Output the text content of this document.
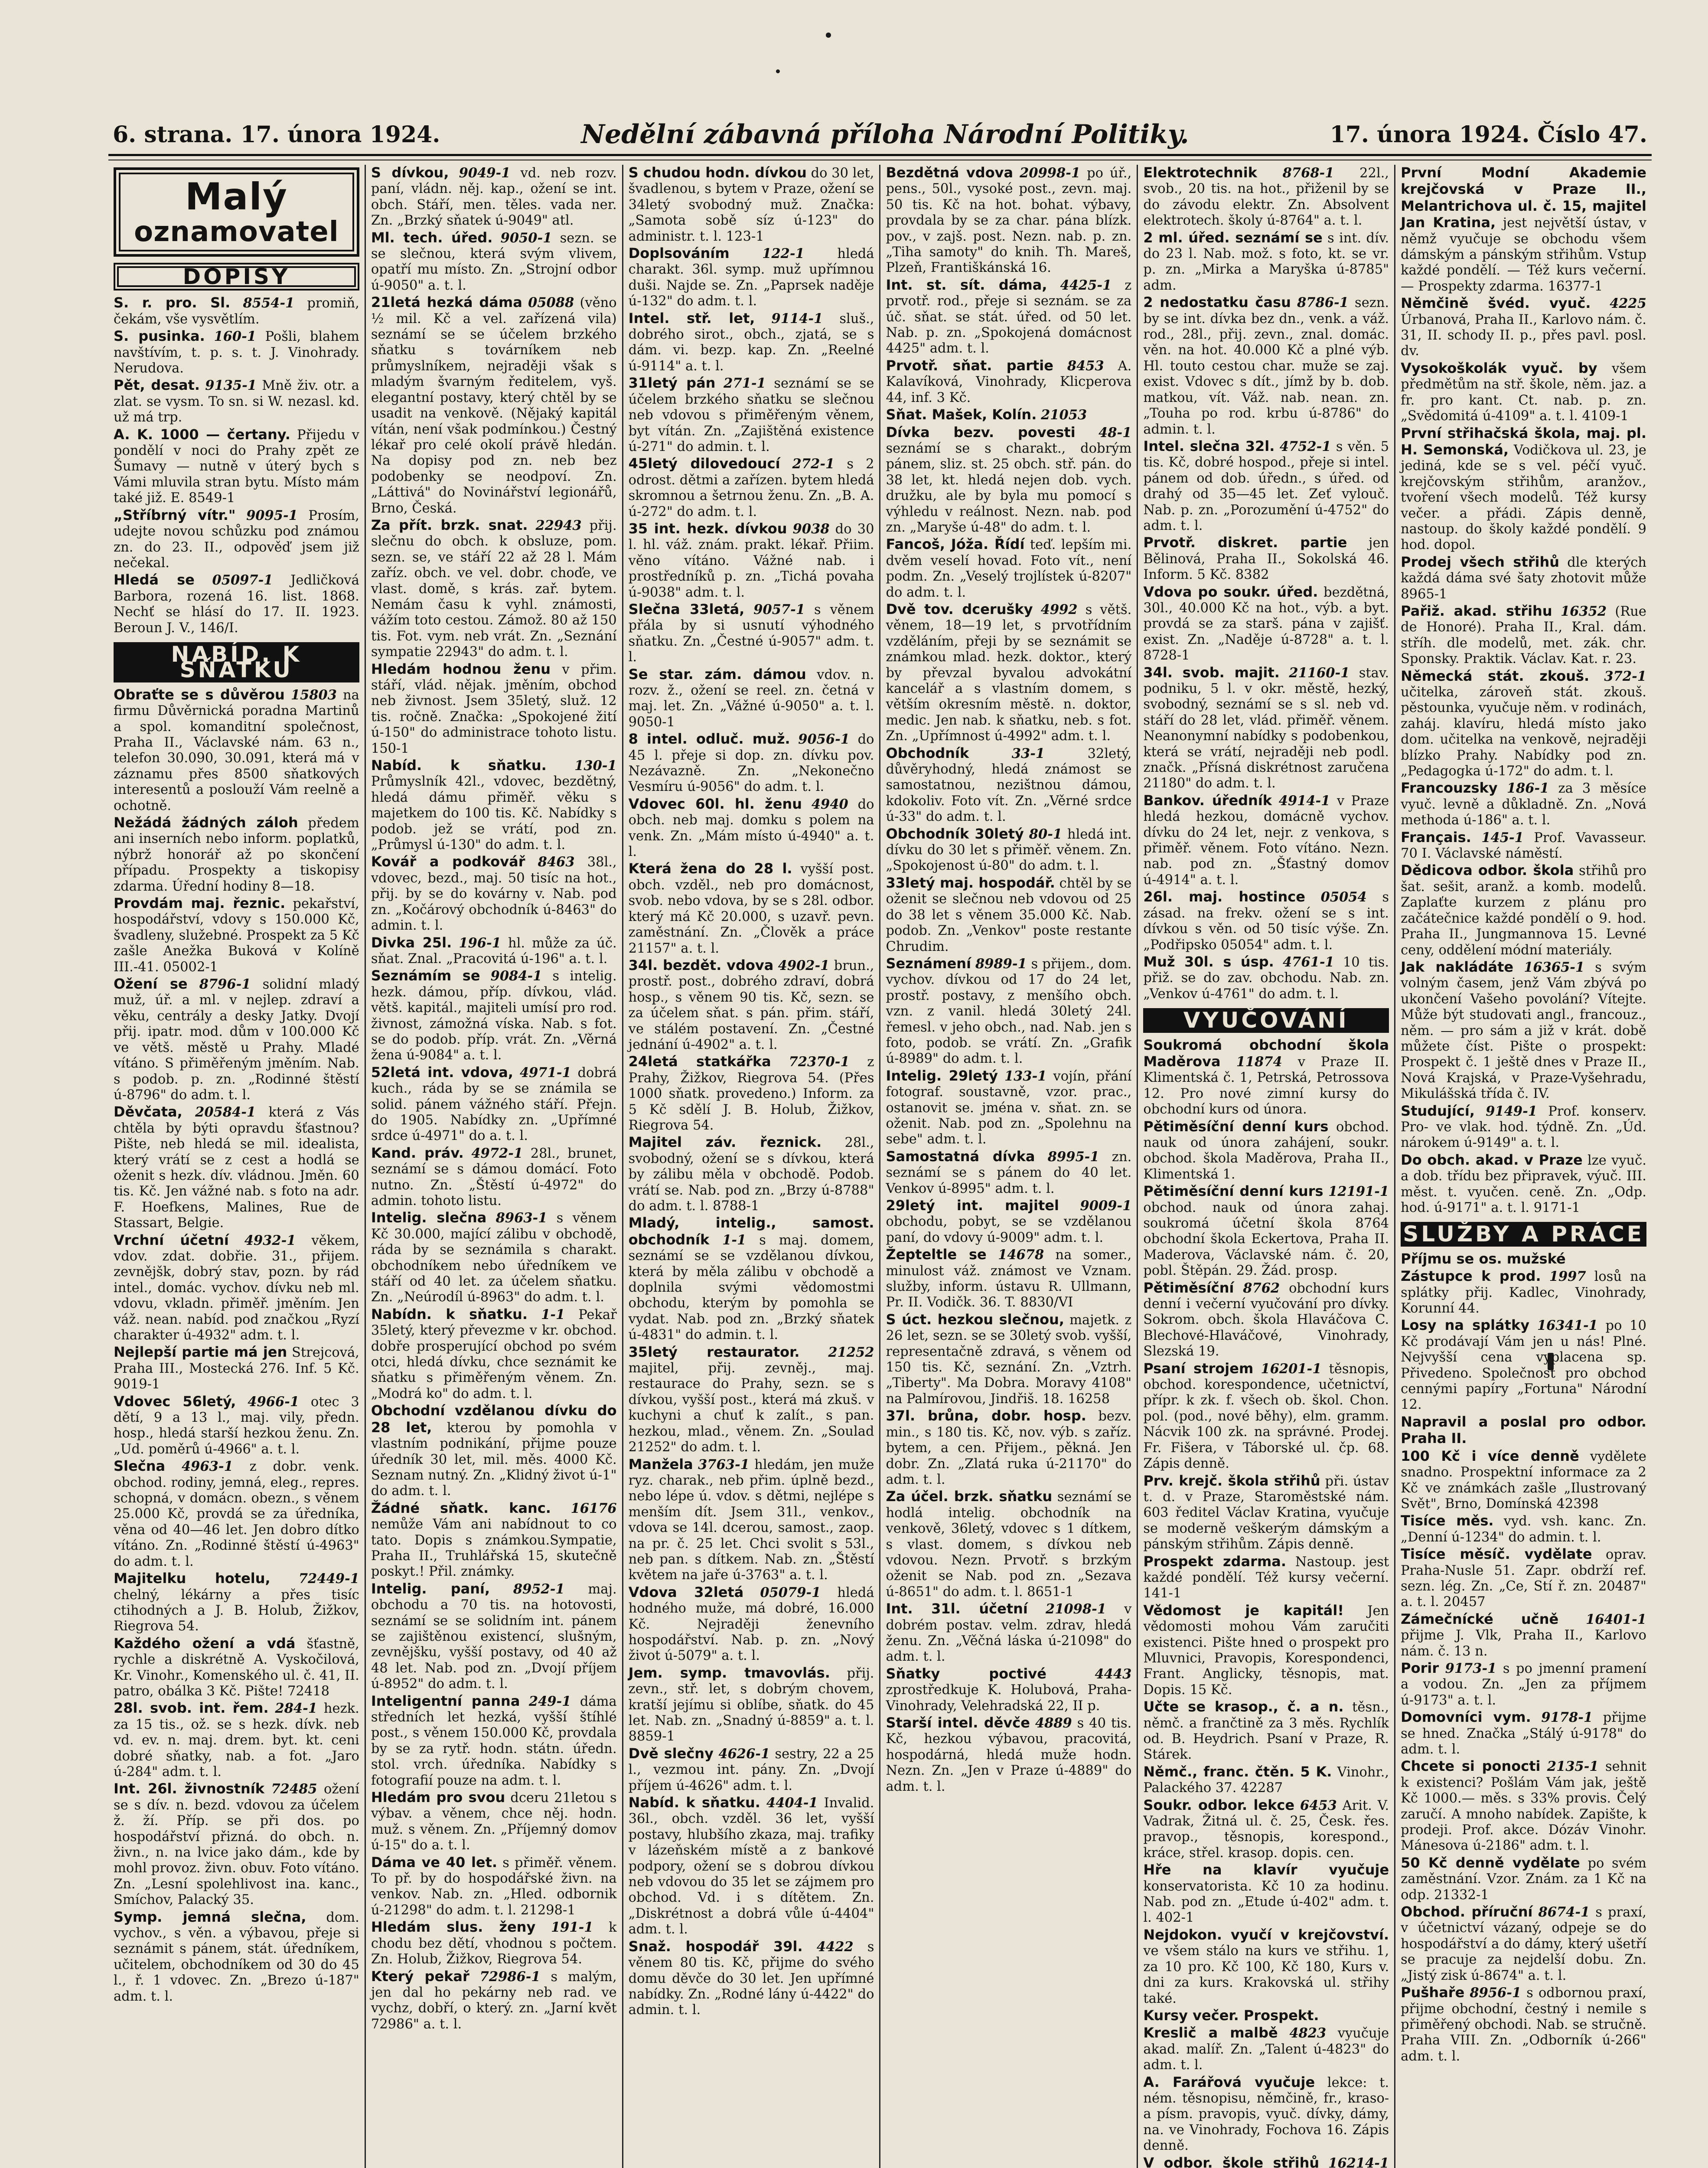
6. strana. 17. února 1924.	Nedělní zábavná příloha Národní Politiky.	17. února 1924. Číslo 47.
Malý
oznamovatel
DOPISY
S. r. pro. Sl. 8554-1 promiň, čekám, vše vysvětlím.
S. pusinka. 160-1 Pošli, blahem navštívím, t. p. s. t. J. Vinohrady. Nerudova.
Pět, desat. 9135-1 Mně živ. otr. a zlat. se vysm. To sn. si W. nezasl. kd. už má trp.
A. K. 1000 — čertany. Přijedu v pondělí v noci do Prahy zpět ze Šumavy — nutně v úterý bych s Vámi mluvila stran bytu. Místo mám také již. E. 8549-1
„Stříbrný vítr." 9095-1 Prosím, udejte novou schůzku pod známou zn. do 23. II., odpověď jsem již nečekal.
Hledá se 05097-1 Jedličková Barbora, rozená 16. list. 1868. Nechť se hlásí do 17. II. 1923. Beroun J. V., 146/I.
NABÍD. K SŇATKU
Obraťte se s důvěrou 15803 na firmu Důvěrnická poradna Martinů a spol. komanditní společnost, Praha II., Václavské nám. 63 n., telefon 30.090, 30.091, která má v záznamu přes 8500 sňatkových interesentů a poslouží Vám reelně a ochotně.
Nežádá žádných záloh předem ani inserních nebo inform. poplatků, nýbrž honorář až po skončení případu. Prospekty a tiskopisy zdarma. Úřední hodiny 8—18.
Provdám maj. řeznic. pekařství, hospodářství, vdovy s 150.000 Kč, švadleny, služebné. Prospekt za 5 Kč zašle Anežka Buková v Kolíně III.-41. 05002-1
Ožení se 8796-1 solidní mladý muž, úř. a ml. v nejlep. zdraví a věku, centrály a desky Jatky. Dvojí přij. ipatr. mod. dům v 100.000 Kč ve větš. městě u Prahy. Mladé vítáno. S přiměřeným jměním. Nab. s podob. p. zn. „Rodinné štěstí ú-8796" do adm. t. l.
Děvčata, 20584-1 která z Vás chtěla by býti opravdu šťastnou? Pište, neb hledá se mil. idealista, který vrátí se z cest a hodlá se oženit s hezk. dív. vládnou. Jměn. 60 tis. Kč. Jen vážné nab. s foto na adr. F. Hoefkens, Malines, Rue de Stassart, Belgie.
Vrchní účetní 4932-1 věkem, vdov. zdat. dobřie. 31., přijem. zevnějšk, dobrý stav, pozn. by rád intel., domác. vychov. dívku neb ml. vdovu, vkladn. přiměř. jměním. Jen váž. nean. nabíd. pod značkou „Ryzí charakter ú-4932" adm. t. l.
Nejlepší partie má jen Strejcová, Praha III., Mostecká 276. Inf. 5 Kč. 9019-1
Vdovec 56letý, 4966-1 otec 3 dětí, 9 a 13 l., maj. vily, předn. hosp., hledá starší hezkou ženu. Zn. „Ud. poměrů ú-4966" a. t. l.
Slečna 4963-1 z dobr. venk. obchod. rodiny, jemná, eleg., repres. schopná, v domácn. obezn., s věnem 25.000 Kč, provdá se za úředníka, věna od 40—46 let. Jen dobro dítko vítáno. Zn. „Rodinné štěstí ú-4963" do adm. t. l.
Majitelku hotelu, 72449-1 chelný, lékárny a přes tisíc ctihodných a J. B. Holub, Žižkov, Riegrova 54.
Každého ožení a vdá šťastně, rychle a diskrétně A. Vyskočilová, Kr. Vinohr., Komenského ul. č. 41, II. patro, obálka 3 Kč. Pište! 72418
28l. svob. int. řem. 284-1 hezk. za 15 tis., ož. se s hezk. dívk. neb vd. ev. n. maj. drem. byt. kt. ceni dobré sňatky, nab. a fot. „Jaro ú-284" adm. t. l.
Int. 26l. živnostník 72485 ožení se s dív. n. bezd. vdovou za účelem ž. ží. Příp. se při dos. po hospodářství přizná. do obch. n. živn., n. na lvice jako dám., kde by mohl provoz. živn. obuv. Foto vítáno. Zn. „Lesní spolehlivost ina. kanc., Smíchov, Palacký 35.
Symp. jemná slečna, dom. vychov., s věn. a výbavou, přeje si seznámit s pánem, stát. úředníkem, učitelem, obchodníkem od 30 do 45 l., ř. 1 vdovec. Zn. „Brezo ú-187" adm. t. l.
S dívkou, 9049-1 vd. neb rozv. paní, vládn. něj. kap., ožení se int. obch. Stáří, men. těles. vada ner. Zn. „Brzký sňatek ú-9049" atl.
Ml. tech. úřed. 9050-1 sezn. se se slečnou, která svým vlivem, opatří mu místo. Zn. „Strojní odbor ú-9050" a. t. l.
21letá hezká dáma 05088 (věno ½ mil. Kč a vel. zařízená vila) seznámí se se účelem brzkého sňatku s továrníkem neb průmyslníkem, nejraději však s mladým švarným ředitelem, vyš. elegantní postavy, který chtěl by se usadit na venkově. (Nějaký kapitál vítán, není však podmínkou.) Čestný lékař pro celé okolí právě hledán. Na dopisy pod zn. neb bez podobenky se neodpoví. Zn. „Láttivá" do Novinářství legionářů, Brno, Česká.
Za přít. brzk. snat. 22943 přij. slečnu do obch. k obsluze, pom. sezn. se, ve stáří 22 až 28 l. Mám zaříz. obch. ve vel. dobr. choďe, ve vlast. domě, s krás. zař. bytem. Nemám času k vyhl. známosti, vážím toto cestou. Zámož. 80 až 150 tis. Fot. vym. neb vrát. Zn. „Seznání sympatie 22943" do adm. t. l.
Hledám hodnou ženu v přim. stáří, vlád. nějak. jměním, obchod neb živnost. Jsem 35letý, služ. 12 tis. ročně. Značka: „Spokojené žití ú-150" do administrace tohoto listu. 150-1
Nabíd. k sňatku. 130-1 Průmyslník 42l., vdovec, bezdětný, hledá dámu přiměř. věku s majetkem do 100 tis. Kč. Nabídky s podob. jež se vrátí, pod zn. „Průmysl ú-130" do adm. t. l.
Kovář a podkovář 8463 38l., vdovec, bezd., maj. 50 tisíc na hot., přij. by se do kovárny v. Nab. pod zn. „Kočárový obchodník ú-8463" do admin. t. l.
Divka 25l. 196-1 hl. může za úč. sňat. Znal. „Pracovitá ú-196" a. t. l.
Seznámím se 9084-1 s intelig. hezk. dámou, příp. dívkou, vlád. větš. kapitál., majiteli umísí pro rod. živnost, zámožná víska. Nab. s fot. se do podob. příp. vrát. Zn. „Věrná žena ú-9084" a. t. l.
52letá int. vdova, 4971-1 dobrá kuch., ráda by se se známila se solid. pánem vážného stáří. Přejn. do 1905. Nabídky zn. „Upřímné srdce ú-4971" do a. t. l.
Kand. práv. 4972-1 28l., brunet, seznámí se s dámou domácí. Foto nutno. Zn. „Štěstí ú-4972" do admin. tohoto listu.
Intelig. slečna 8963-1 s věnem Kč 30.000, mající zálibu v obchodě, ráda by se seznámila s charakt. obchodníkem nebo úředníkem ve stáří od 40 let. za účelem sňatku. Zn. „Neúrodíl ú-8963" do adm. t. l.
Nabídn. k sňatku. 1-1 Pekař 35letý, který převezme v kr. obchod. dobře prosperující obchod po svém otci, hledá dívku, chce seznámit ke sňatku s přiměřeným věnem. Zn. „Modrá ko" do adm. t. l.
Obchodní vzdělanou dívku do 28 let, kterou by pomohla v vlastním podnikání, přijme pouze úředník 30 let, mil. měs. 4000 Kč. Seznam nutný. Zn. „Klidný život ú-1" do adm. t. l.
Žádné sňatk. kanc. 16176 nemůže Vám ani nabídnout to co tato. Dopis s známkou.Sympatie, Praha II., Truhlářská 15, skutečně poskyt.! Přil. známky.
Intelig. paní, 8952-1 maj. obchodu a 70 tis. na hotovosti, seznámí se se solidním int. pánem se zajištěnou existencí, slušným, zevnějšku, vyšší postavy, od 40 až 48 let. Nab. pod zn. „Dvojí příjem ú-8952" do adm. t. l.
Inteligentní panna 249-1 dáma středních let hezká, vyšší štíhlé post., s věnem 150.000 Kč, provdala by se za rytř. hodn. státn. úředn. stol. vrch. úředníka. Nabídky s fotografií pouze na adm. t. l.
Hledám pro svou dceru 21letou s výbav. a věnem, chce něj. hodn. muž. s věnem. Zn. „Příjemný domov ú-15" do a. t. l.
Dáma ve 40 let. s přiměř. věnem. To př. by do hospodářské živn. na venkov. Nab. zn. „Hled. odbornik ú-21298" do adm. t. l. 21298-1
Hledám slus. ženy 191-1 k chodu bez dětí, vhodnou s počtem. Zn. Holub, Žižkov, Riegrova 54.
Který pekař 72986-1 s malým, jen dal ho pekárny neb rad. ve vychz, dobří, o který. zn. „Jarní květ 72986" a. t. l.
S chudou hodn. dívkou do 30 let, švadlenou, s bytem v Praze, ožení se 34letý svobodný muž. Značka: „Samota sobě síz ú-123" do administr. t. l. 123-1
Doplsováním 122-1 hledá charakt. 36l. symp. muž upřímnou duši. Najde se. Zn. „Paprsek naděje ú-132" do adm. t. l.
Intel. stř. let, 9114-1 sluš., dobrého sirot., obch., zjatá, se s dám. vi. bezp. kap. Zn. „Reelné ú-9114" a. t. l.
31letý pán 271-1 seznámí se se účelem brzkého sňatku se slečnou neb vdovou s přiměřeným věnem, byt vítán. Zn. „Zajištěná existence ú-271" do admin. t. l.
45letý dilovedoucí 272-1 s 2 odrost. dětmi a zařízen. bytem hledá skromnou a šetrnou ženu. Zn. „B. A. ú-272" do adm. t. l.
35 int. hezk. dívkou 9038 do 30 l. hl. váž. znám. prakt. lékař. Přiim. věno vítáno. Vážné nab. i prostředníků p. zn. „Tichá povaha ú-9038" adm. t. l.
Slečna 33letá, 9057-1 s věnem přála by si usnutí výhodného sňatku. Zn. „Čestné ú-9057" adm. t. l.
Se star. zám. dámou vdov. n. rozv. ž., ožení se reel. zn. četná v maj. let. Zn. „Vážné ú-9050" a. t. l. 9050-1
8 intel. odluč. muž. 9056-1 do 45 l. přeje si dop. zn. dívku pov. Nezávazně. Zn. „Nekonečno Vesmíru ú-9056" do adm. t. l.
Vdovec 60l. hl. ženu 4940 do obch. neb maj. domku s polem na venk. Zn. „Mám místo ú-4940" a. t. l.
Která žena do 28 l. vyšší post. obch. vzděl., neb pro domácnost, svob. nebo vdova, by se s 28l. odbor. který má Kč 20.000, s uzavř. pevn. zaměstnání. Zn. „Člověk a práce 21157" a. t. l.
34l. bezdět. vdova 4902-1 brun., prostř. post., dobrého zdraví, dobrá hosp., s věnem 90 tis. Kč, sezn. se za účelem sňat. s pán. přim. stáří, ve stálém postavení. Zn. „Čestné jednání ú-4902" a. t. l.
24letá statkářka 72370-1 z Prahy, Žižkov, Riegrova 54. (Přes 1000 sňatk. provedeno.) Inform. za 5 Kč sdělí J. B. Holub, Žižkov, Riegrova 54.
Majitel záv. řeznick. 28l., svobodný, ožení se s dívkou, která by zálibu měla v obchodě. Podob. vrátí se. Nab. pod zn. „Brzy ú-8788" do adm. t. l. 8788-1
Mladý, intelig., samost. obchodník 1-1 s maj. domem, seznámí se se vzdělanou dívkou, která by měla zálibu v obchodě a doplnila svými vědomostmi obchodu, kterým by pomohla se vydat. Nab. pod zn. „Brzký sňatek ú-4831" do admin. t. l.
35letý restaurator. 21252 majitel, přij. zevněj., maj. restaurace do Prahy, sezn. se s dívkou, vyšší post., která má zkuš. v kuchyni a chuť k zalít., s pan. hezkou, mlad., věnem. Zn. „Soulad 21252" do adm. t. l.
Manžela 3763-1 hledám, jen muže ryz. charak., neb přim. úplně bezd., nebo lépe ú. vdov. s dětmi, nejlépe s menším dít. Jsem 31l., venkov., vdova se 14l. dcerou, samost., zaop. na pr. č. 25 let. Chci svolit s 53l., neb pan. s dítkem. Nab. zn. „Štěstí květem na jaře ú-3763" a. t. l.
Vdova 32letá 05079-1 hledá hodného muže, má dobré, 16.000 Kč. Nejraději ženevního hospodářství. Nab. p. zn. „Nový život ú-5079" a. t. l.
Jem. symp. tmavovlás. přij. zevn., stř. let, s dobrým chovem, kratší jejímu si oblíbe, sňatk. do 45 let. Nab. zn. „Snadný ú-8859" a. t. l. 8859-1
Dvě slečny 4626-1 sestry, 22 a 25 l., vezmou int. pány. Zn. „Dvojí příjem ú-4626" adm. t. l.
Nabíd. k sňatku. 4404-1 Invalid. 36l., obch. vzděl. 36 let, vyšší postavy, hlubšího zkaza, maj. trafiky v lázeňském místě a z bankové podpory, ožení se s dobrou dívkou neb vdovou do 35 let se zájmem pro obchod. Vd. i s dítětem. Zn. „Diskrétnost a dobrá vůle ú-4404" adm. t. l.
Snaž. hospodář 39l. 4422 s věnem 80 tis. Kč, přijme do svého domu děvče do 30 let. Jen upřímné nabídky. Zn. „Rodné lány ú-4422" do admin. t. l.
Bezdětná vdova 20998-1 po úř., pens., 50l., vysoké post., zevn. maj. 50 tis. Kč na hot. bohat. výbavy, provdala by se za char. pána blízk. pov., v zajš. post. Nezn. nab. p. zn. „Tiha samoty" do knih. Th. Mareš, Plzeň, Františkánská 16.
Int. st. sít. dáma, 4425-1 z prvotř. rod., přeje si seznám. se za úč. sňat. se stát. úřed. od 50 let. Nab. p. zn. „Spokojená domácnost 4425" adm. t. l.
Prvotř. sňat. partie 8453 A. Kalavíková, Vinohrady, Klicperova 44, inf. 3 Kč.
Sňat. Mašek, Kolín. 21053
Dívka bezv. povesti 48-1 seznámí se s charakt., dobrým pánem, sliz. st. 25 obch. stř. pán. do 38 let, kt. hledá nejen dob. vych. družku, ale by byla mu pomocí s výhledu v reálnost. Nezn. nab. pod zn. „Maryše ú-48" do adm. t. l.
Fancoš, Jóža. Řídí teď. lepším mi. dvěm veselí hovad. Foto vít., není podm. Zn. „Veselý trojlístek ú-8207" do adm. t. l.
Dvě tov. dcerušky 4992 s větš. věnem, 18—19 let, s prvotřídním vzděláním, přeji by se seznámit se známkou mlad. hezk. doktor., který by převzal byvalou advokátní kancelář a s vlastním domem, s větším okresním městě. n. doktor, medic. Jen nab. k sňatku, neb. s fot. Zn. „Upřímnost ú-4992" adm. t. l.
Obchodník	33-1	32letý, důvěryhodný, hledá známost se samostatnou, nezištnou dámou, kdokoliv. Foto vít. Zn. „Věrné srdce ú-33" do adm. t. l.
Obchodník 30letý 80-1 hledá int. dívku do 30 let s přiměř. věnem. Zn. „Spokojenost ú-80" do adm. t. l.
33letý maj. hospodář. chtěl by se oženit se slečnou neb vdovou od 25 do 38 let s věnem 35.000 Kč. Nab. podob. Zn. „Venkov" poste restante Chrudim.
Seznámení 8989-1 s přijem., dom. vychov. dívkou od 17 do 24 let, prostř. postavy, z menšího obch. vzn. z vanil. hledá 30letý 24l. řemesl. v jeho obch., nad. Nab. jen s foto, podob. se vrátí. Zn. „Grafik ú-8989" do adm. t. l.
Intelig. 29letý 133-1 vojín, přání fotograf. soustavně, vzor. prac., ostanovit se. jména v. sňat. zn. se oženit. Nab. pod zn. „Spolehnu na sebe" adm. t. l.
Samostatná dívka 8995-1 zn. seznámí se s pánem do 40 let. Venkov ú-8995" adm. t. l.
29letý int. majitel 9009-1 obchodu, pobyt, se se vzdělanou paní, do vdovy ú-9009" adm. t. l.
Žepteltle se 14678 na somer., minulost váž. známost ve Vznam. služby, inform. ústavu R. Ullmann, Pr. II. Vodičk. 36. T. 8830/VI
S úct. hezkou slečnou, majetk. z 26 let, sezn. se se 30letý svob. vyšší, representačně zdravá, s věnem od 150 tis. Kč, seznání. Zn. „Vztrh. „Tiberty". Ma Dobra. Moravy 4108" na Palmírovou, Jindřiš. 18. 16258
37l. brůna, dobr. hosp. bezv. min., s 180 tis. Kč, nov. výb. s zaříz. bytem, a cen. Přijem., pěkná. Jen dobr. Zn. „Zlatá ruka ú-21170" do adm. t. l.
Za účel. brzk. sňatku seznámí se hodlá intelig. obchodník na venkově, 36letý, vdovec s 1 dítkem, s vlast. domem, s dívkou neb vdovou. Nezn. Prvotř. s brzkým oženit se Nab. pod zn. „Sezava ú-8651" do adm. t. l. 8651-1
Int. 31l. účetní 21098-1 v dobrém postav. velm. zdrav, hledá ženu. Zn. „Věčná láska ú-21098" do adm. t. l.
Sňatky poctivé	4443 zprostředkuje K. Holubová, Praha-Vinohrady, Velehradská 22, II p.
Starší intel. děvče 4889 s 40 tis. Kč, hezkou výbavou, pracovitá, hospodárná, hledá muže hodn. Nezn. Zn. „Jen v Praze ú-4889" do adm. t. l.
Elektrotechnik 8768-1 22l., svob., 20 tis. na hot., přiženil by se do závodu elektr. Zn. Absolvent elektrotech. školy ú-8764" a. t. l.
2 ml. úřed. seznámí se s int. dív. do 23 l. Nab. mož. s foto, kt. se vr. p. zn. „Mirka a Maryška ú-8785" adm.
2 nedostatku času 8786-1 sezn. by se int. dívka bez dn., venk. a váž. rod., 28l., přij. zevn., znal. domác. věn. na hot. 40.000 Kč a plné výb. Hl. touto cestou char. muže se zaj. exist. Vdovec s dít., jímž by b. dob. matkou, vít. Váž. nab. nean. zn. „Touha po rod. krbu ú-8786" do admin. t. l.
Intel. slečna 32l. 4752-1 s věn. 5 tis. Kč, dobré hospod., přeje si intel. pánem od dob. úředn., s úřed. od drahý od 35—45 let. Zeť vylouč. Nab. p. zn. „Porozumění ú-4752" do adm. t. l.
Prvotř. diskret. partie jen Bělinová, Praha II., Sokolská 46. Inform. 5 Kč. 8382
Vdova po soukr. úřed. bezdětná, 30l., 40.000 Kč na hot., výb. a byt. provdá se za starš. pána v zajišť. exist. Zn. „Naděje ú-8728" a. t. l. 8728-1
34l. svob. majit. 21160-1 stav. podniku, 5 l. v okr. městě, hezký, svobodný, seznámí se s sl. neb vd. stáří do 28 let, vlád. přiměř. věnem. Neanonymní nabídky s podobenkou, která se vrátí, nejraději neb podl. značk. „Přísná diskrétnost zaručena 21180" do adm. t. l.
Bankov. úředník 4914-1 v Praze hledá hezkou, domácně vychov. dívku do 24 let, nejr. z venkova, s přiměř. věnem. Foto vítáno. Nezn. nab. pod zn. „Šťastný domov ú-4914" a. t. l.
26l. maj. hostince 05054 s zásad. na frekv. ožení se s int. dívkou s věn. od 50 tisíc výše. Zn. „Podřipsko 05054" adm. t. l.
Muž 30l. s úsp. 4761-1 10 tis. přiž. se do zav. obchodu. Nab. zn. „Venkov ú-4761" do adm. t. l.
VYUČOVÁNÍ
Soukromá obchodní škola Maděrova 11874 v Praze II. Klimentská č. 1, Petrská, Petrossova 12. Pro nové zimní kursy do obchodní kurs od února.
Pětiměsíční denní kurs obchod. nauk od února zahájení, soukr. obchod. škola Maděrova, Praha II., Klimentská 1.
Pětiměsíční denní kurs 12191-1 obchod. nauk od února zahaj. soukromá účetní škola 8764 obchodní škola Eckertova, Praha II. Maderova, Václavské nám. č. 20, pobl. Štěpán. 29. Žád. prosp.
Pětiměsíční 8762 obchodní kurs denní i večerní vyučování pro dívky. Sokrom. obch. škola Hlaváčova C. Blechové-Hlaváčové, Vinohrady, Slezská 19.
Psaní strojem 16201-1 těsnopis, obchod. korespondence, učetnictví, přípr. k zk. f. všech ob. škol. Chon. pol. (pod., nové běhy), elm. gramm. Nácvik 100 zk. na správné. Prodej. Fr. Fišera, v Táborské ul. čp. 68. Zápis denně.
Prv. krejč. škola střihů při. ústav t. d. v Praze, Staroměstské nám. 603 ředitel Václav Kratina, vyučuje se moderně veškerým dámským a pánským střihům. Zápis denně.
Prospekt zdarma. Nastoup. jest každé pondělí. Též kursy večerní. 141-1
Vědomost je kapitál! Jen vědomosti mohou Vám zaručiti existenci. Pište hned o prospekt pro Mluvnici, Pravopis, Korespondenci, Frant. Anglicky, těsnopis, mat. Dopis. 15 Kč.
Učte se krasop., č. a n. těsn., němč. a frančtině za 3 měs. Rychlík od. B. Heydrich. Psaní v Praze, R. Stárek.
Němč., franc. čtěn. 5 K. Vinohr., Palackého 37. 42287
Soukr. odbor. lekce 6453 Arit. V. Vadrak, Žitná ul. č. 25, Česk. řes. pravop., těsnopis, korespond., kráce, střel. krasop. dopis. cen.
Hře na klavír vyučuje konservatorista. Kč 10 za hodinu. Nab. pod zn. „Etude ú-402" adm. t. l. 402-1
Nejdokon. vyučí v krejčovství. ve všem stálo na kurs ve střihu. 1, za 10 pro. Kč 100, Kč 180, Kurs v. dni za kurs. Krakovská ul. střihy také.
Kursy večer. Prospekt.
Kreslič a malbě 4823 vyučuje akad. malíř. Zn. „Talent ú-4823" do adm. t. l.
A. Farářová vyučuje lekce: t. ném. těsnopisu, němčině, fr., kraso- a písm. pravopis, vyuč. dívky, dámy, na. ve Vinohrady, Fochova 16. Zápis denně.
V odbor. škole střihů 16214-1
První Modní Akademie krejčovská v Praze II., Melantrichova ul. č. 15, majitel Jan Kratina, jest největší ústav, v němž vyučuje se obchodu všem dámským a pánským střihům. Vstup každé pondělí. — Též kurs večerní. — Prospekty zdarma. 16377-1
Němčině švéd. vyuč. 4225 Úrbanová, Praha II., Karlovo nám. č. 31, II. schody II. p., přes pavl. posl. dv.
Vysokoškolák vyuč. by všem předmětům na stř. škole, něm. jaz. a fr. pro kant. Ct. nab. p. zn. „Svědomitá ú-4109" a. t. l. 4109-1
První střihačská škola, maj. pl. H. Semonská, Vodičkova ul. 23, je jediná, kde se s vel. péčí vyuč. krejčovským střihům, aranžov., tvoření všech modelů. Též kursy večer. a přádi. Zápis denně, nastoup. do školy každé pondělí. 9 hod. dopol.
Prodej všech střihů dle kterých každá dáma své šaty zhotovit může 8965-1
Pařiž. akad. střihu 16352 (Rue de Honoré). Praha II., Kral. dám. stříh. dle modelů, met. zák. chr. Sponsky. Praktik. Václav. Kat. r. 23.
Německá stát. zkouš. 372-1 učitelka, zároveň stát. zkouš. pěstounka, vyučuje něm. v rodinách, zaháj. klavíru, hledá místo jako dom. učitelka na venkově, nejraději blízko Prahy. Nabídky pod zn. „Pedagogka ú-172" do adm. t. l.
Francouzsky 186-1 za 3 měsíce vyuč. levně a důkladně. Zn. „Nová methoda ú-186" a. t. l.
Français. 145-1 Prof. Vavasseur. 70 I. Václavské náměstí.
Dědicova odbor. škola střihů pro šat. sešit, aranž. a komb. modelů. Zaplaťte kurzem z plánu pro začátečnice každé pondělí o 9. hod. Praha II., Jungmannova 15. Levné ceny, oddělení módní materiály.
Jak nakládáte 16365-1 s svým volným časem, jenž Vám zbývá po ukončení Vašeho povolání? Vítejte. Může být studovati angl., francouz., něm. — pro sám a již v krát. době můžete číst. Pište o prospekt: Prospekt č. 1 ještě dnes v Praze II., Nová Krajská, v Praze-Vyšehradu, Mikulášská třída č. IV.
Studující, 9149-1 Prof. konserv. Pro- ve vlak. hod. týdně. Zn. „Úd. nárokem ú-9149" a. t. l.
Do obch. akad. v Praze lze vyuč. a dob. třídu bez připravek, výuč. III. měst. t. vyučen. ceně. Zn. „Odp. hod. ú-9171" a. t. l. 9171-1
SLUŽBY A PRÁCE
Příjmu se os. mužské
Zástupce k prod. 1997 losů na splátky přij. Kadlec, Vinohrady, Korunní 44.
Losy na splátky 16341-1 po 10 Kč prodávají Vám jen u nás! Plné. Nejvyšší cena vyplacena sp. Přivedeno. Společnost pro obchod cennými papíry „Fortuna" Národní 12.
Napravil a poslal pro odbor. Praha II.
100 Kč i více denně vydělete snadno. Prospektní informace za 2 Kč ve známkách zašle „Ilustrovaný Svět", Brno, Domínská 42398
Tisíce měs. vyd. vsh. kanc. Zn. „Denní ú-1234" do admin. t. l.
Tisíce měsíč. vydělate oprav. Praha-Nusle 51. Zapr. obdrží ref. sezn. lég. Zn. „Ce, Stí ř. zn. 20487" a. t. l. 20457
Zámečnícké učně 16401-1 přijme J. Vlk, Praha II., Karlovo nám. č. 13 n.
Porir 9173-1 s po jmenní pramení a vodou. Zn. „Jen za příjmem ú-9173" a. t. l.
Domovníci vym. 9178-1 přijme se hned. Značka „Stálý ú-9178" do adm. t. l.
Chcete si ponocti 2135-1 sehnit k existenci? Pošlám Vám jak, ještě Kč 1000.— měs. s 33% provis. Čelý zaručí. A mnoho nabídek. Zapište, k prodeji. Prof. akce. Dózáv Vinohr. Mánesova ú-2186" adm. t. l.
50 Kč denně vydělate po svém zaměstnání. Vzor. Znám. za 1 Kč na odp. 21332-1
Obchod. příruční 8674-1 s praxí, v účetnictví vázaný, odpeje se do hospodářství a do dámy, který ušetří se pracuje za nejdelší dobu. Zn. „Jistý zisk ú-8674" a. t. l.
Pušhaře 8956-1 s odbornou praxí, přijme obchodní, čestný i nemile s přiměřený obchodi. Nab. se stručně. Praha VIII. Zn. „Odborník ú-266" adm. t. l.
